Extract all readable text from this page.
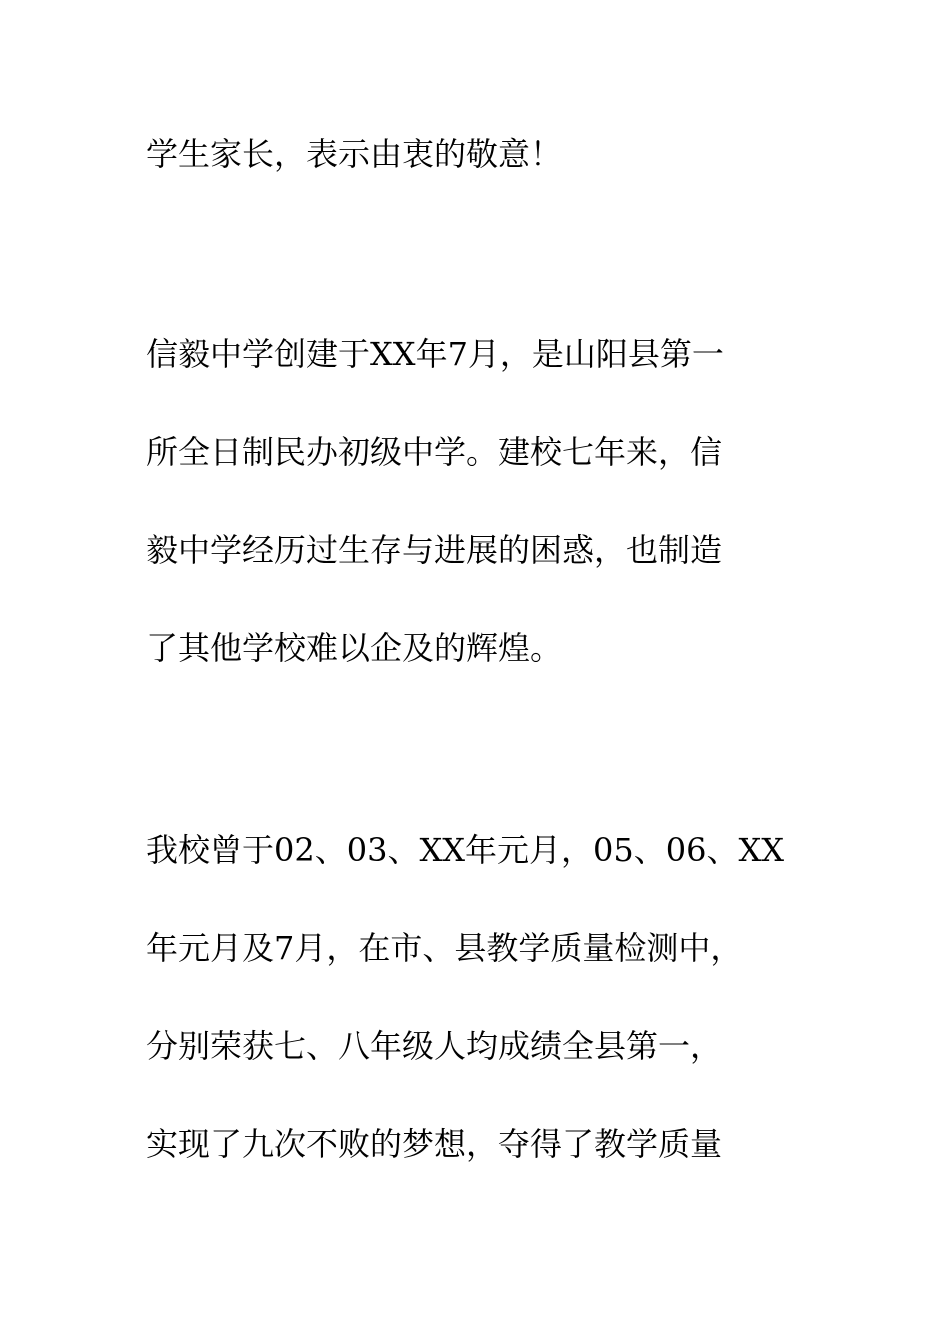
学生家长，表示由衷的敬意！
信毅中学创建于XX年7月，是山阳县第一
所全日制民办初级中学。建校七年来，信
毅中学经历过生存与进展的困惑，也制造
了其他学校难以企及的辉煌。
我校曾于02、03、XX年元月，05、06、XX
年元月及7月，在市、县教学质量检测中，
分别荣获七、八年级人均成绩全县第一，
实现了九次不败的梦想，夺得了教学质量
